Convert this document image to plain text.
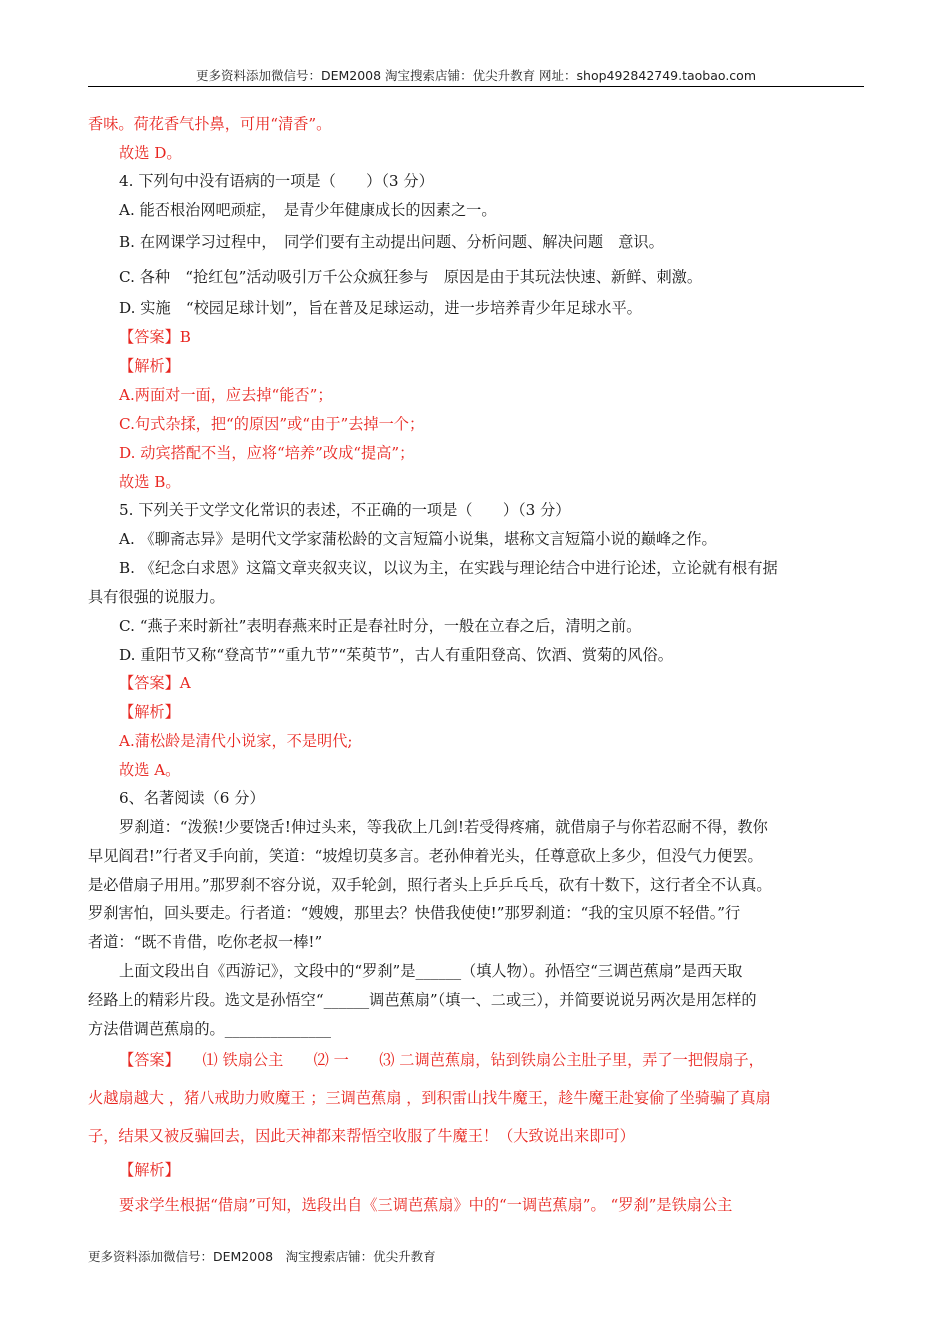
更多资料添加微信号：DEM2008 淘宝搜索店铺：优尖升教育 网址：shop492842749.taobao.com
香味。荷花香气扑鼻，可用“清香”。
故选 D。
4. 下列句中没有语病的一项是（　　）（3 分）
A. 能否根治网吧顽症，　是青少年健康成长的因素之一。
B. 在网课学习过程中，　同学们要有主动提出问题、分析问题、解决问题　意识。
C. 各种　“抢红包”活动吸引万千公众疯狂参与　原因是由于其玩法快速、新鲜、刺激。
D. 实施　“校园足球计划”，旨在普及足球运动，进一步培养青少年足球水平。
【答案】B
【解析】
A.两面对一面，应去掉“能否”；
C.句式杂揉，把“的原因”或“由于”去掉一个；
D. 动宾搭配不当，应将“培养”改成“提高”；
故选 B。
5. 下列关于文学文化常识的表述，不正确的一项是（　　）（3 分）
A. 《聊斋志异》是明代文学家蒲松龄的文言短篇小说集，堪称文言短篇小说的巅峰之作。
B. 《纪念白求恩》这篇文章夹叙夹议，以议为主，在实践与理论结合中进行论述，立论就有根有据
具有很强的说服力。
C. “燕子来时新社”表明春燕来时正是春社时分，一般在立春之后，清明之前。
D. 重阳节又称“登高节”“重九节”“茱萸节”，古人有重阳登高、饮酒、赏菊的风俗。
【答案】A
【解析】
A.蒲松龄是清代小说家，不是明代;
故选 A。
6、名著阅读（6 分）
罗刹道：“泼猴!少要饶舌!伸过头来，等我砍上几剑!若受得疼痛，就借扇子与你若忍耐不得，教你
早见阎君!”行者叉手向前，笑道：“坡煌切莫多言。老孙伸着光头，任尊意砍上多少，但没气力便罢。
是必借扇子用用。”那罗刹不容分说，双手轮剑，照行者头上乒乒乓乓，砍有十数下，这行者全不认真。
罗刹害怕，回头要走。行者道：“嫂嫂，那里去？快借我使使!”那罗刹道：“我的宝贝原不轻借。”行
者道：“既不肯借，吃你老叔一棒!”
上面文段出自《西游记》，文段中的“罗刹”是______（填人物）。孙悟空“三调芭蕉扇”是西天取
经路上的精彩片段。选文是孙悟空“______调芭蕉扇”（填一、二或三），并简要说说另两次是用怎样的
方法借调芭蕉扇的。______________
【答案】　　⑴ 铁扇公主　　⑵ 一　　⑶ 二调芭蕉扇，钻到铁扇公主肚子里，弄了一把假扇子，
火越扇越大 ，猪八戒助力败魔王 ；三调芭蕉扇 ，到积雷山找牛魔王，趁牛魔王赴宴偷了坐骑骗了真扇
子，结果又被反骗回去，因此天神都来帮悟空收服了牛魔王！（大致说出来即可）
【解析】
要求学生根据“借扇”可知，选段出自《三调芭蕉扇》中的“一调芭蕉扇”。 “罗刹”是铁扇公主
更多资料添加微信号：DEM2008　淘宝搜索店铺：优尖升教育
